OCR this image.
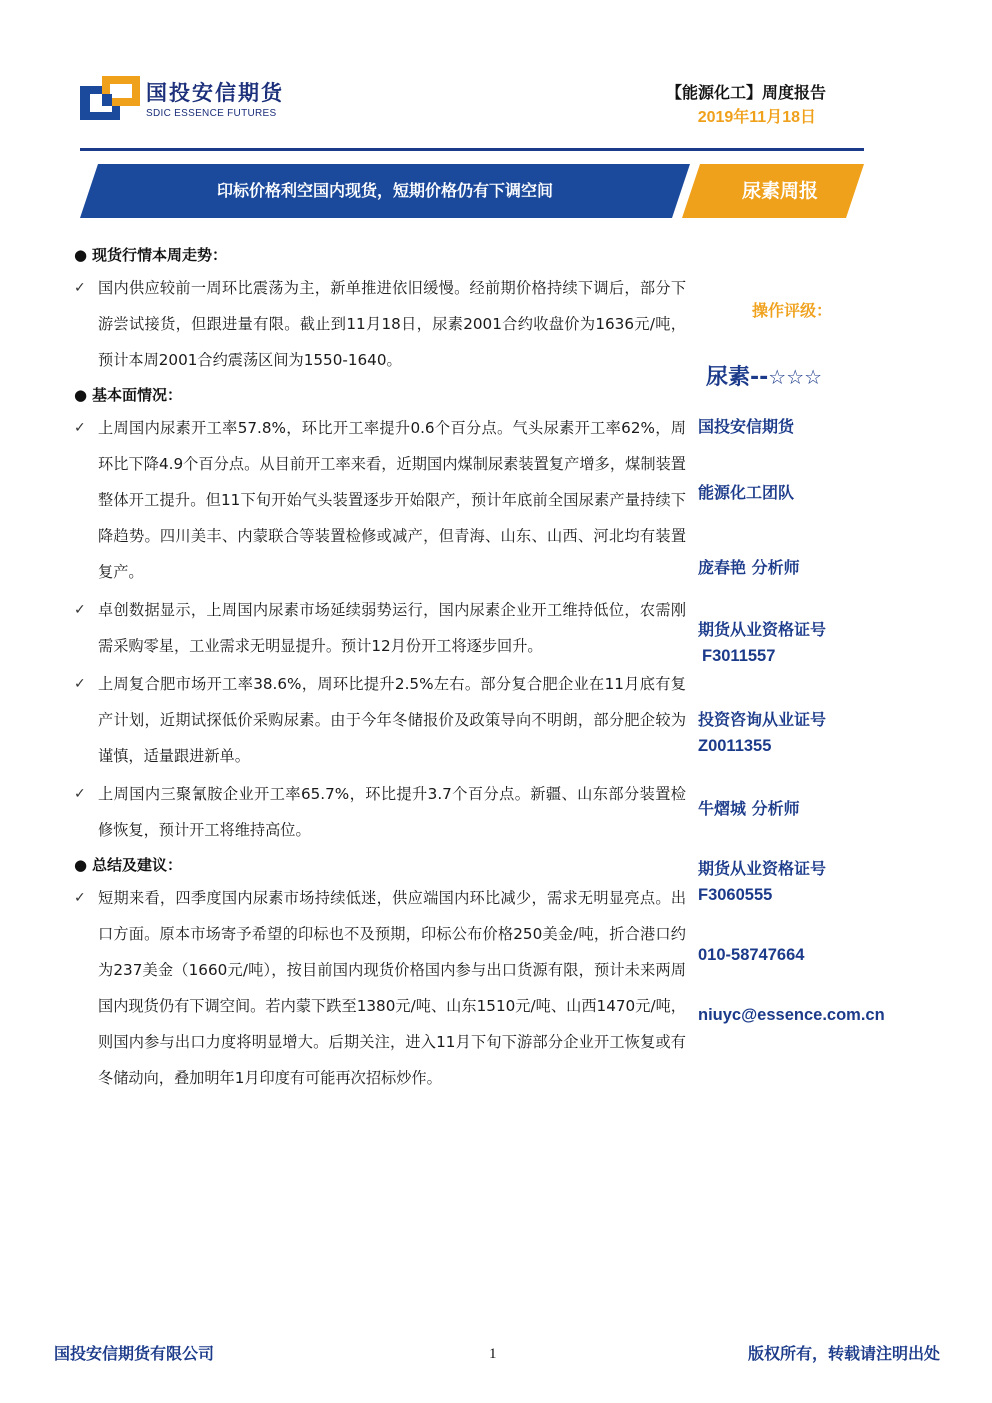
国投安信期货
SDIC ESSENCE FUTURES
【能源化工】周度报告
2019年11月18日
印标价格利空国内现货，短期价格仍有下调空间	尿素周报
● 现货行情本周走势：
✓ 国内供应较前一周环比震荡为主，新单推进依旧缓慢。经前期价格持续下调后，部分下游尝试接货，但跟进量有限。截止到11月18日，尿素2001合约收盘价为1636元/吨，预计本周2001合约震荡区间为1550-1640。
● 基本面情况：
✓ 上周国内尿素开工率57.8%，环比开工率提升0.6个百分点。气头尿素开工率62%，周环比下降4.9个百分点。从目前开工率来看，近期国内煤制尿素装置复产增多，煤制装置整体开工提升。但11下旬开始气头装置逐步开始限产，预计年底前全国尿素产量持续下降趋势。四川美丰、内蒙联合等装置检修或减产，但青海、山东、山西、河北均有装置复产。
✓ 卓创数据显示，上周国内尿素市场延续弱势运行，国内尿素企业开工维持低位，农需刚需采购零星，工业需求无明显提升。预计12月份开工将逐步回升。
✓ 上周复合肥市场开工率38.6%，周环比提升2.5%左右。部分复合肥企业在11月底有复产计划，近期试探低价采购尿素。由于今年冬储报价及政策导向不明朗，部分肥企较为谨慎，适量跟进新单。
✓ 上周国内三聚氰胺企业开工率65.7%，环比提升3.7个百分点。新疆、山东部分装置检修恢复，预计开工将维持高位。
● 总结及建议：
✓ 短期来看，四季度国内尿素市场持续低迷，供应端国内环比减少，需求无明显亮点。出口方面。原本市场寄予希望的印标也不及预期，印标公布价格250美金/吨，折合港口约为237美金（1660元/吨），按目前国内现货价格国内参与出口货源有限，预计未来两周国内现货仍有下调空间。若内蒙下跌至1380元/吨、山东1510元/吨、山西1470元/吨，则国内参与出口力度将明显增大。后期关注，进入11月下旬下游部分企业开工恢复或有冬储动向，叠加明年1月印度有可能再次招标炒作。
操作评级：
尿素--☆☆☆
国投安信期货
能源化工团队
庞春艳 分析师
期货从业资格证号
F3011557
投资咨询从业证号
Z0011355
牛熠城 分析师
期货从业资格证号
F3060555
010-58747664
niuyc@essence.com.cn
国投安信期货有限公司	1	版权所有，转载请注明出处
